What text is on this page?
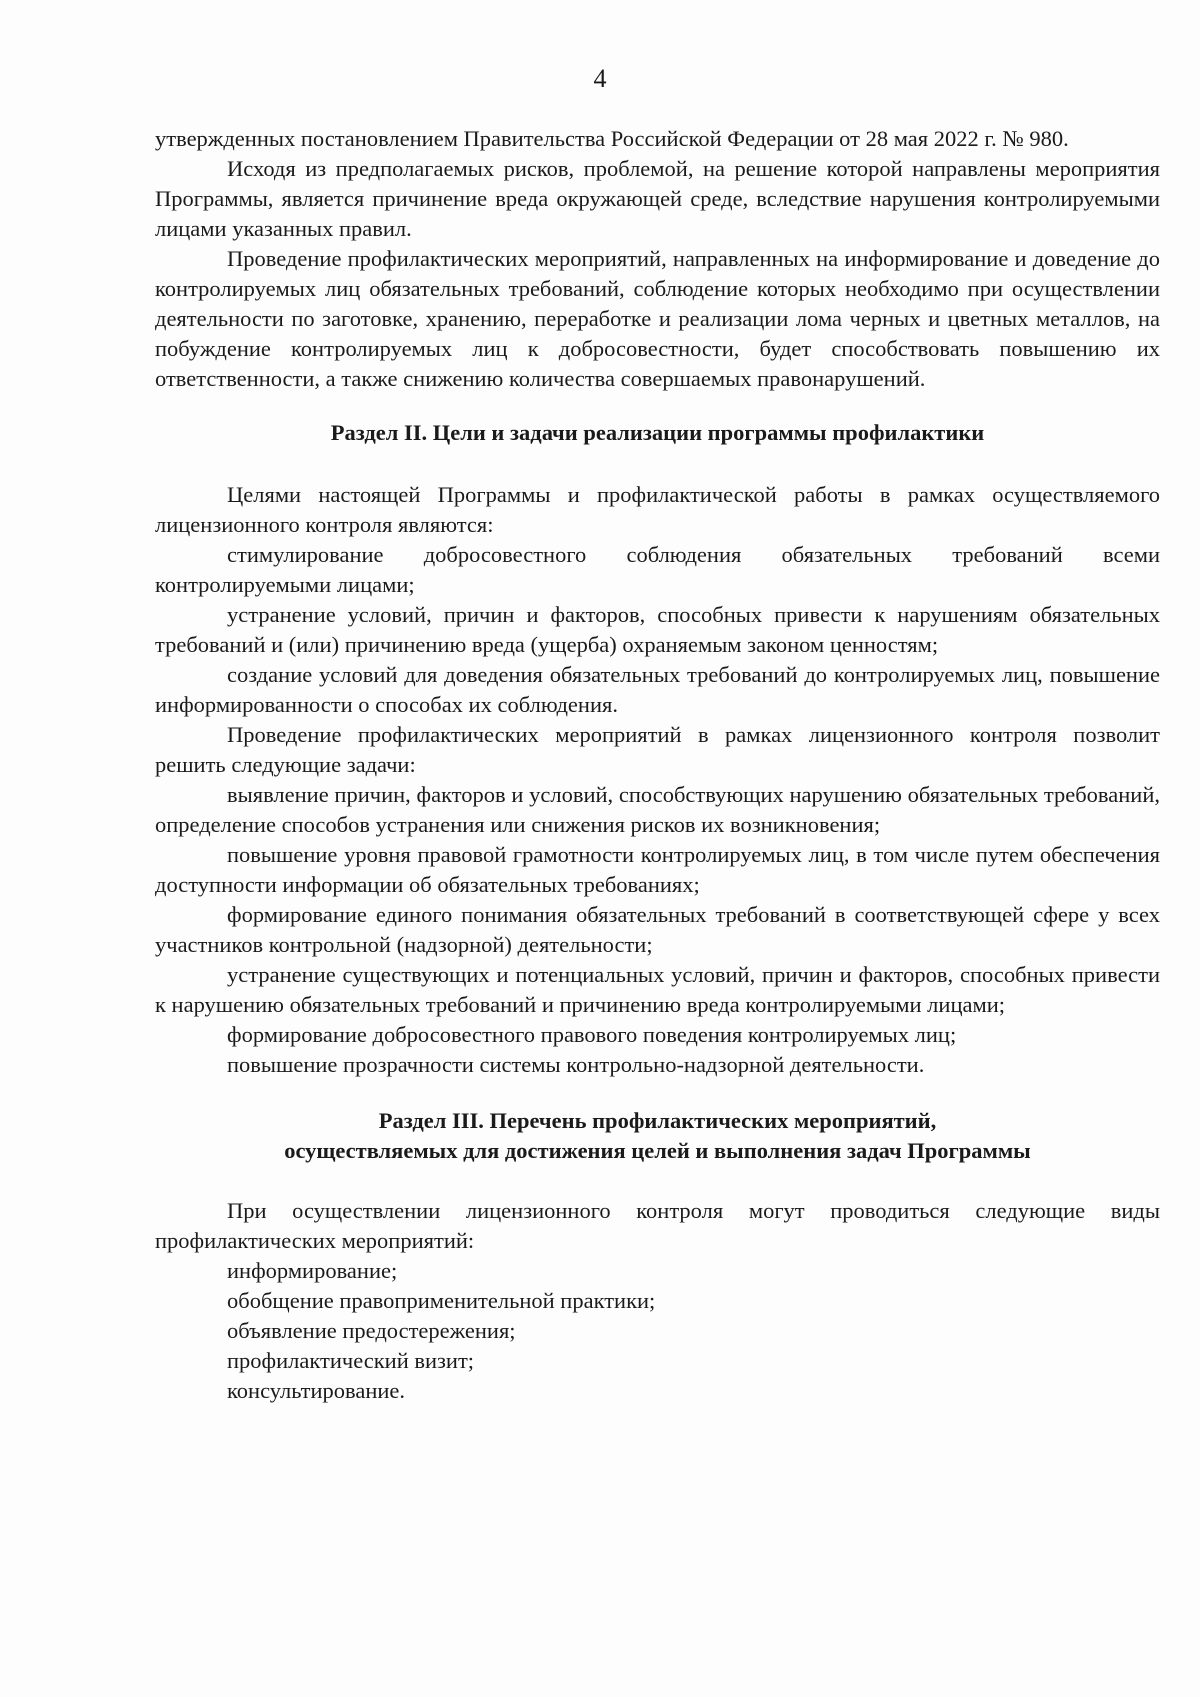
4

утвержденных постановлением Правительства Российской Федерации от 28 мая 2022 г. № 980.

Исходя из предполагаемых рисков, проблемой, на решение которой направлены мероприятия Программы, является причинение вреда окружающей среде, вследствие нарушения контролируемыми лицами указанных правил.

Проведение профилактических мероприятий, направленных на информирование и доведение до контролируемых лиц обязательных требований, соблюдение которых необходимо при осуществлении деятельности по заготовке, хранению, переработке и реализации лома черных и цветных металлов, на побуждение контролируемых лиц к добросовестности, будет способствовать повышению их ответственности, а также снижению количества совершаемых правонарушений.

Раздел II. Цели и задачи реализации программы профилактики

Целями настоящей Программы и профилактической работы в рамках осуществляемого лицензионного контроля являются:

стимулирование добросовестного соблюдения обязательных требований всеми контролируемыми лицами;

устранение условий, причин и факторов, способных привести к нарушениям обязательных требований и (или) причинению вреда (ущерба) охраняемым законом ценностям;

создание условий для доведения обязательных требований до контролируемых лиц, повышение информированности о способах их соблюдения.

Проведение профилактических мероприятий в рамках лицензионного контроля позволит решить следующие задачи:

выявление причин, факторов и условий, способствующих нарушению обязательных требований, определение способов устранения или снижения рисков их возникновения;

повышение уровня правовой грамотности контролируемых лиц, в том числе путем обеспечения доступности информации об обязательных требованиях;

формирование единого понимания обязательных требований в соответствующей сфере у всех участников контрольной (надзорной) деятельности;

устранение существующих и потенциальных условий, причин и факторов, способных привести к нарушению обязательных требований и причинению вреда контролируемыми лицами;

формирование добросовестного правового поведения контролируемых лиц;

повышение прозрачности системы контрольно-надзорной деятельности.

Раздел III. Перечень профилактических мероприятий,

осуществляемых для достижения целей и выполнения задач Программы

При осуществлении лицензионного контроля могут проводиться следующие виды профилактических мероприятий:

информирование;

обобщение правоприменительной практики;

объявление предостережения;

профилактический визит;

консультирование.
